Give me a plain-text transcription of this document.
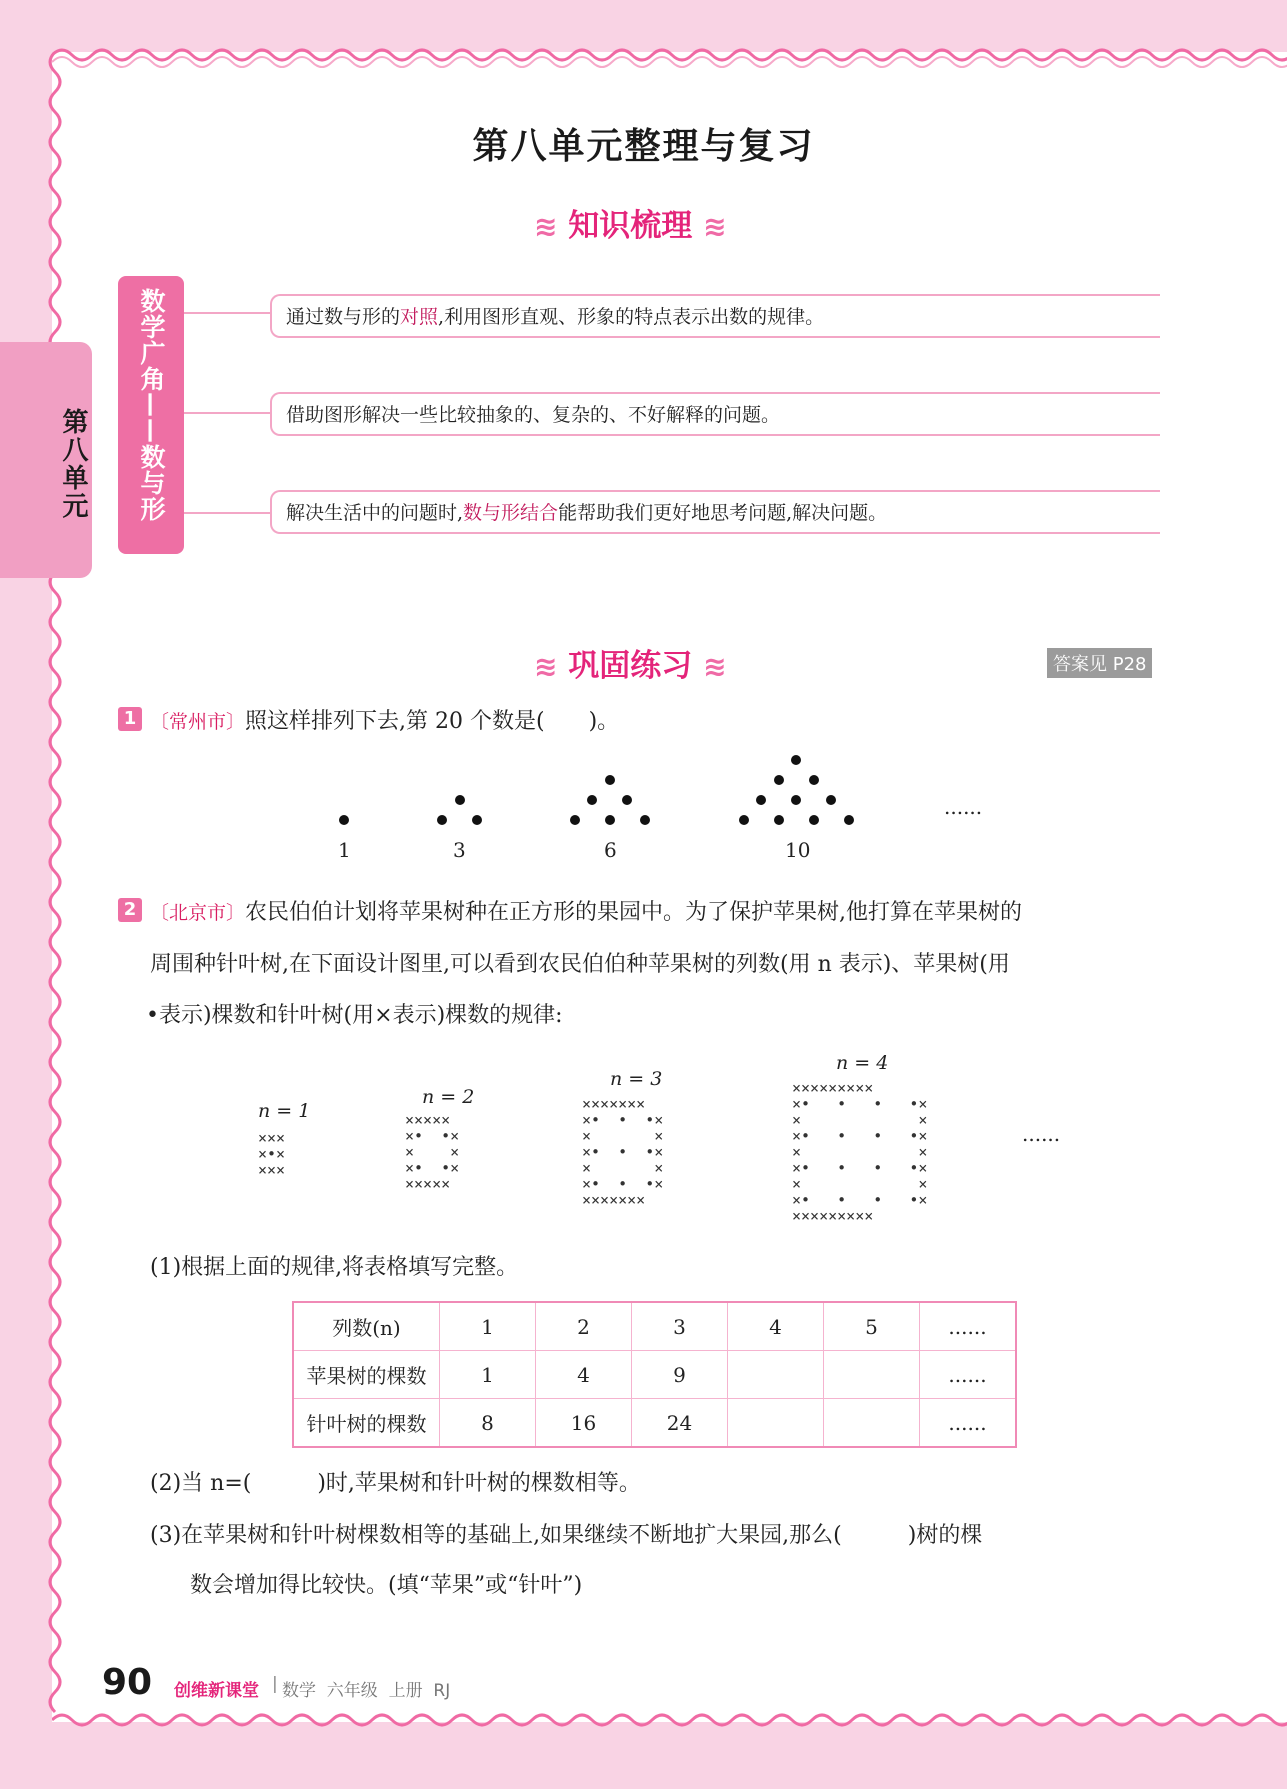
第八单元整理与复习
第八单元
≋ 知识梳理 ≋
数学广角——数与形	通过数与形的对照,利用图形直观、形象的特点表示出数的规律。
借助图形解决一些比较抽象的、复杂的、不好解释的问题。
解决生活中的问题时,数与形结合能帮助我们更好地思考问题,解决问题。
≋ 巩固练习 ≋	答案见 P28
1 〔常州市〕照这样排列下去,第 20 个数是(　　)。
1	3	6	10
......
2 〔北京市〕农民伯伯计划将苹果树种在正方形的果园中。为了保护苹果树,他打算在苹果树的
周围种针叶树,在下面设计图里,可以看到农民伯伯种苹果树的列数(用 n 表示)、苹果树(用
•表示)棵数和针叶树(用×表示)棵数的规律:
n = 1
×××
×•×
×××
n = 2
×××××
×•  •×
×    ×
×•  •×
×××××
n = 3
×××××××
×•  •  •×
×       ×
×•  •  •×
×       ×
×•  •  •×
×××××××
n = 4
×××××××××
×•   •   •   •×
×             ×
×•   •   •   •×
×             ×
×•   •   •   •×
×             ×
×•   •   •   •×
×××××××××
......
(1)根据上面的规律,将表格填写完整。
列数(n)	1	2	3	4	5	......
苹果树的棵数	1	4	9			......
针叶树的棵数	8	16	24			......
(2)当 n=(　　　)时,苹果树和针叶树的棵数相等。
(3)在苹果树和针叶树棵数相等的基础上,如果继续不断地扩大果园,那么(　　　)树的棵
数会增加得比较快。(填“苹果”或“针叶”)
90 创维新课堂 | 数学  六年级  上册  RJ
